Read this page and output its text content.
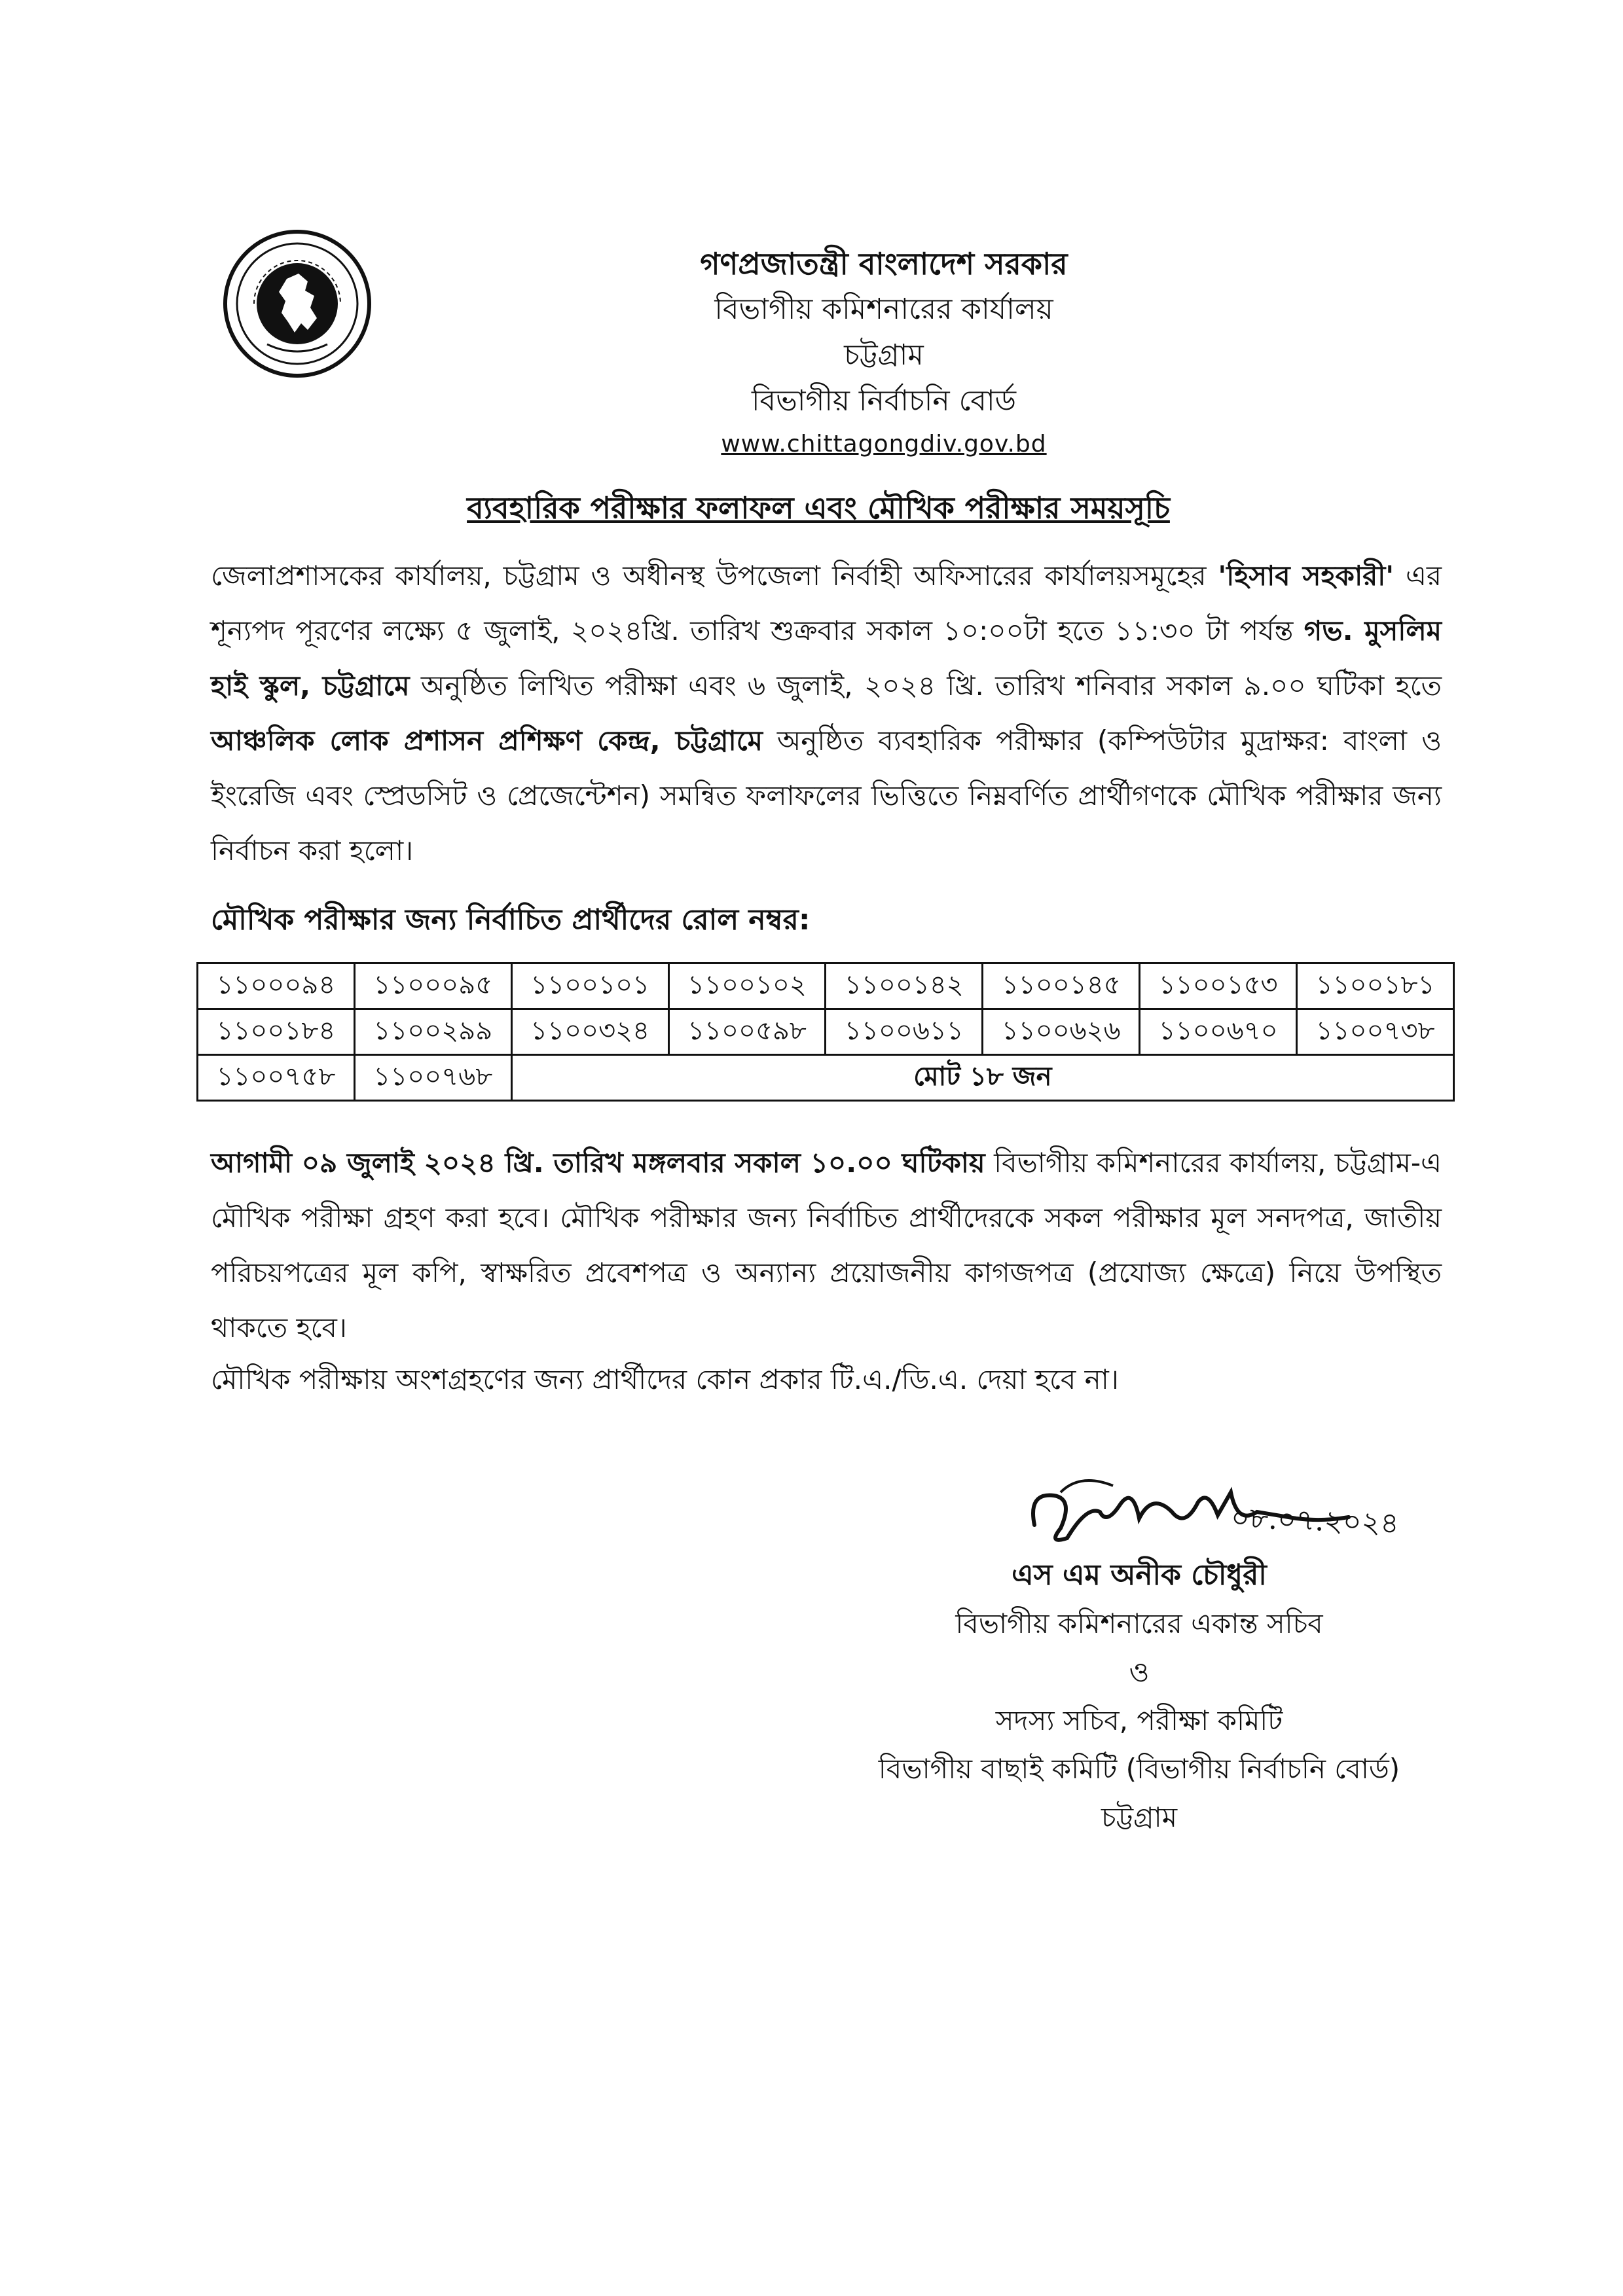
গণপ্রজাতন্ত্রী বাংলাদেশ সরকার
বিভাগীয় কমিশনারের কার্যালয়
চট্টগ্রাম
বিভাগীয় নির্বাচনি বোর্ড
www.chittagongdiv.gov.bd
ব্যবহারিক পরীক্ষার ফলাফল এবং মৌখিক পরীক্ষার সময়সূচি

জেলাপ্রশাসকের কার্যালয়, চট্টগ্রাম ও অধীনস্থ উপজেলা নির্বাহী অফিসারের কার্যালয়সমূহের 'হিসাব সহকারী' এর শূন্যপদ পূরণের লক্ষ্যে ৫ জুলাই, ২০২৪খ্রি. তারিখ শুক্রবার সকাল ১০:০০টা হতে ১১:৩০ টা পর্যন্ত গভ. মুসলিম হাই স্কুল, চট্টগ্রামে অনুষ্ঠিত লিখিত পরীক্ষা এবং ৬ জুলাই, ২০২৪ খ্রি. তারিখ শনিবার সকাল ৯.০০ ঘটিকা হতে আঞ্চলিক লোক প্রশাসন প্রশিক্ষণ কেন্দ্র, চট্টগ্রামে অনুষ্ঠিত ব্যবহারিক পরীক্ষার (কম্পিউটার মুদ্রাক্ষর: বাংলা ও ইংরেজি এবং স্প্রেডসিট ও প্রেজেন্টেশন) সমন্বিত ফলাফলের ভিত্তিতে নিম্নবর্ণিত প্রার্থীগণকে মৌখিক পরীক্ষার জন্য নির্বাচন করা হলো।

মৌখিক পরীক্ষার জন্য নির্বাচিত প্রার্থীদের রোল নম্বর:
১১০০০৯৪	১১০০০৯৫	১১০০১০১	১১০০১০২	১১০০১৪২	১১০০১৪৫	১১০০১৫৩	১১০০১৮১
১১০০১৮৪	১১০০২৯৯	১১০০৩২৪	১১০০৫৯৮	১১০০৬১১	১১০০৬২৬	১১০০৬৭০	১১০০৭৩৮
১১০০৭৫৮	১১০০৭৬৮	মোট ১৮ জন					

আগামী ০৯ জুলাই ২০২৪ খ্রি. তারিখ মঙ্গলবার সকাল ১০.০০ ঘটিকায় বিভাগীয় কমিশনারের কার্যালয়, চট্টগ্রাম-এ মৌখিক পরীক্ষা গ্রহণ করা হবে। মৌখিক পরীক্ষার জন্য নির্বাচিত প্রার্থীদেরকে সকল পরীক্ষার মূল সনদপত্র, জাতীয় পরিচয়পত্রের মূল কপি, স্বাক্ষরিত প্রবেশপত্র ও অন্যান্য প্রয়োজনীয় কাগজপত্র (প্রযোজ্য ক্ষেত্রে) নিয়ে উপস্থিত থাকতে হবে।

মৌখিক পরীক্ষায় অংশগ্রহণের জন্য প্রার্থীদের কোন প্রকার টি.এ./ডি.এ. দেয়া হবে না।

০৮.০৭.২০২৪
এস এম অনীক চৌধুরী
বিভাগীয় কমিশনারের একান্ত সচিব
ও
সদস্য সচিব, পরীক্ষা কমিটি
বিভাগীয় বাছাই কমিটি (বিভাগীয় নির্বাচনি বোর্ড)
চট্টগ্রাম
